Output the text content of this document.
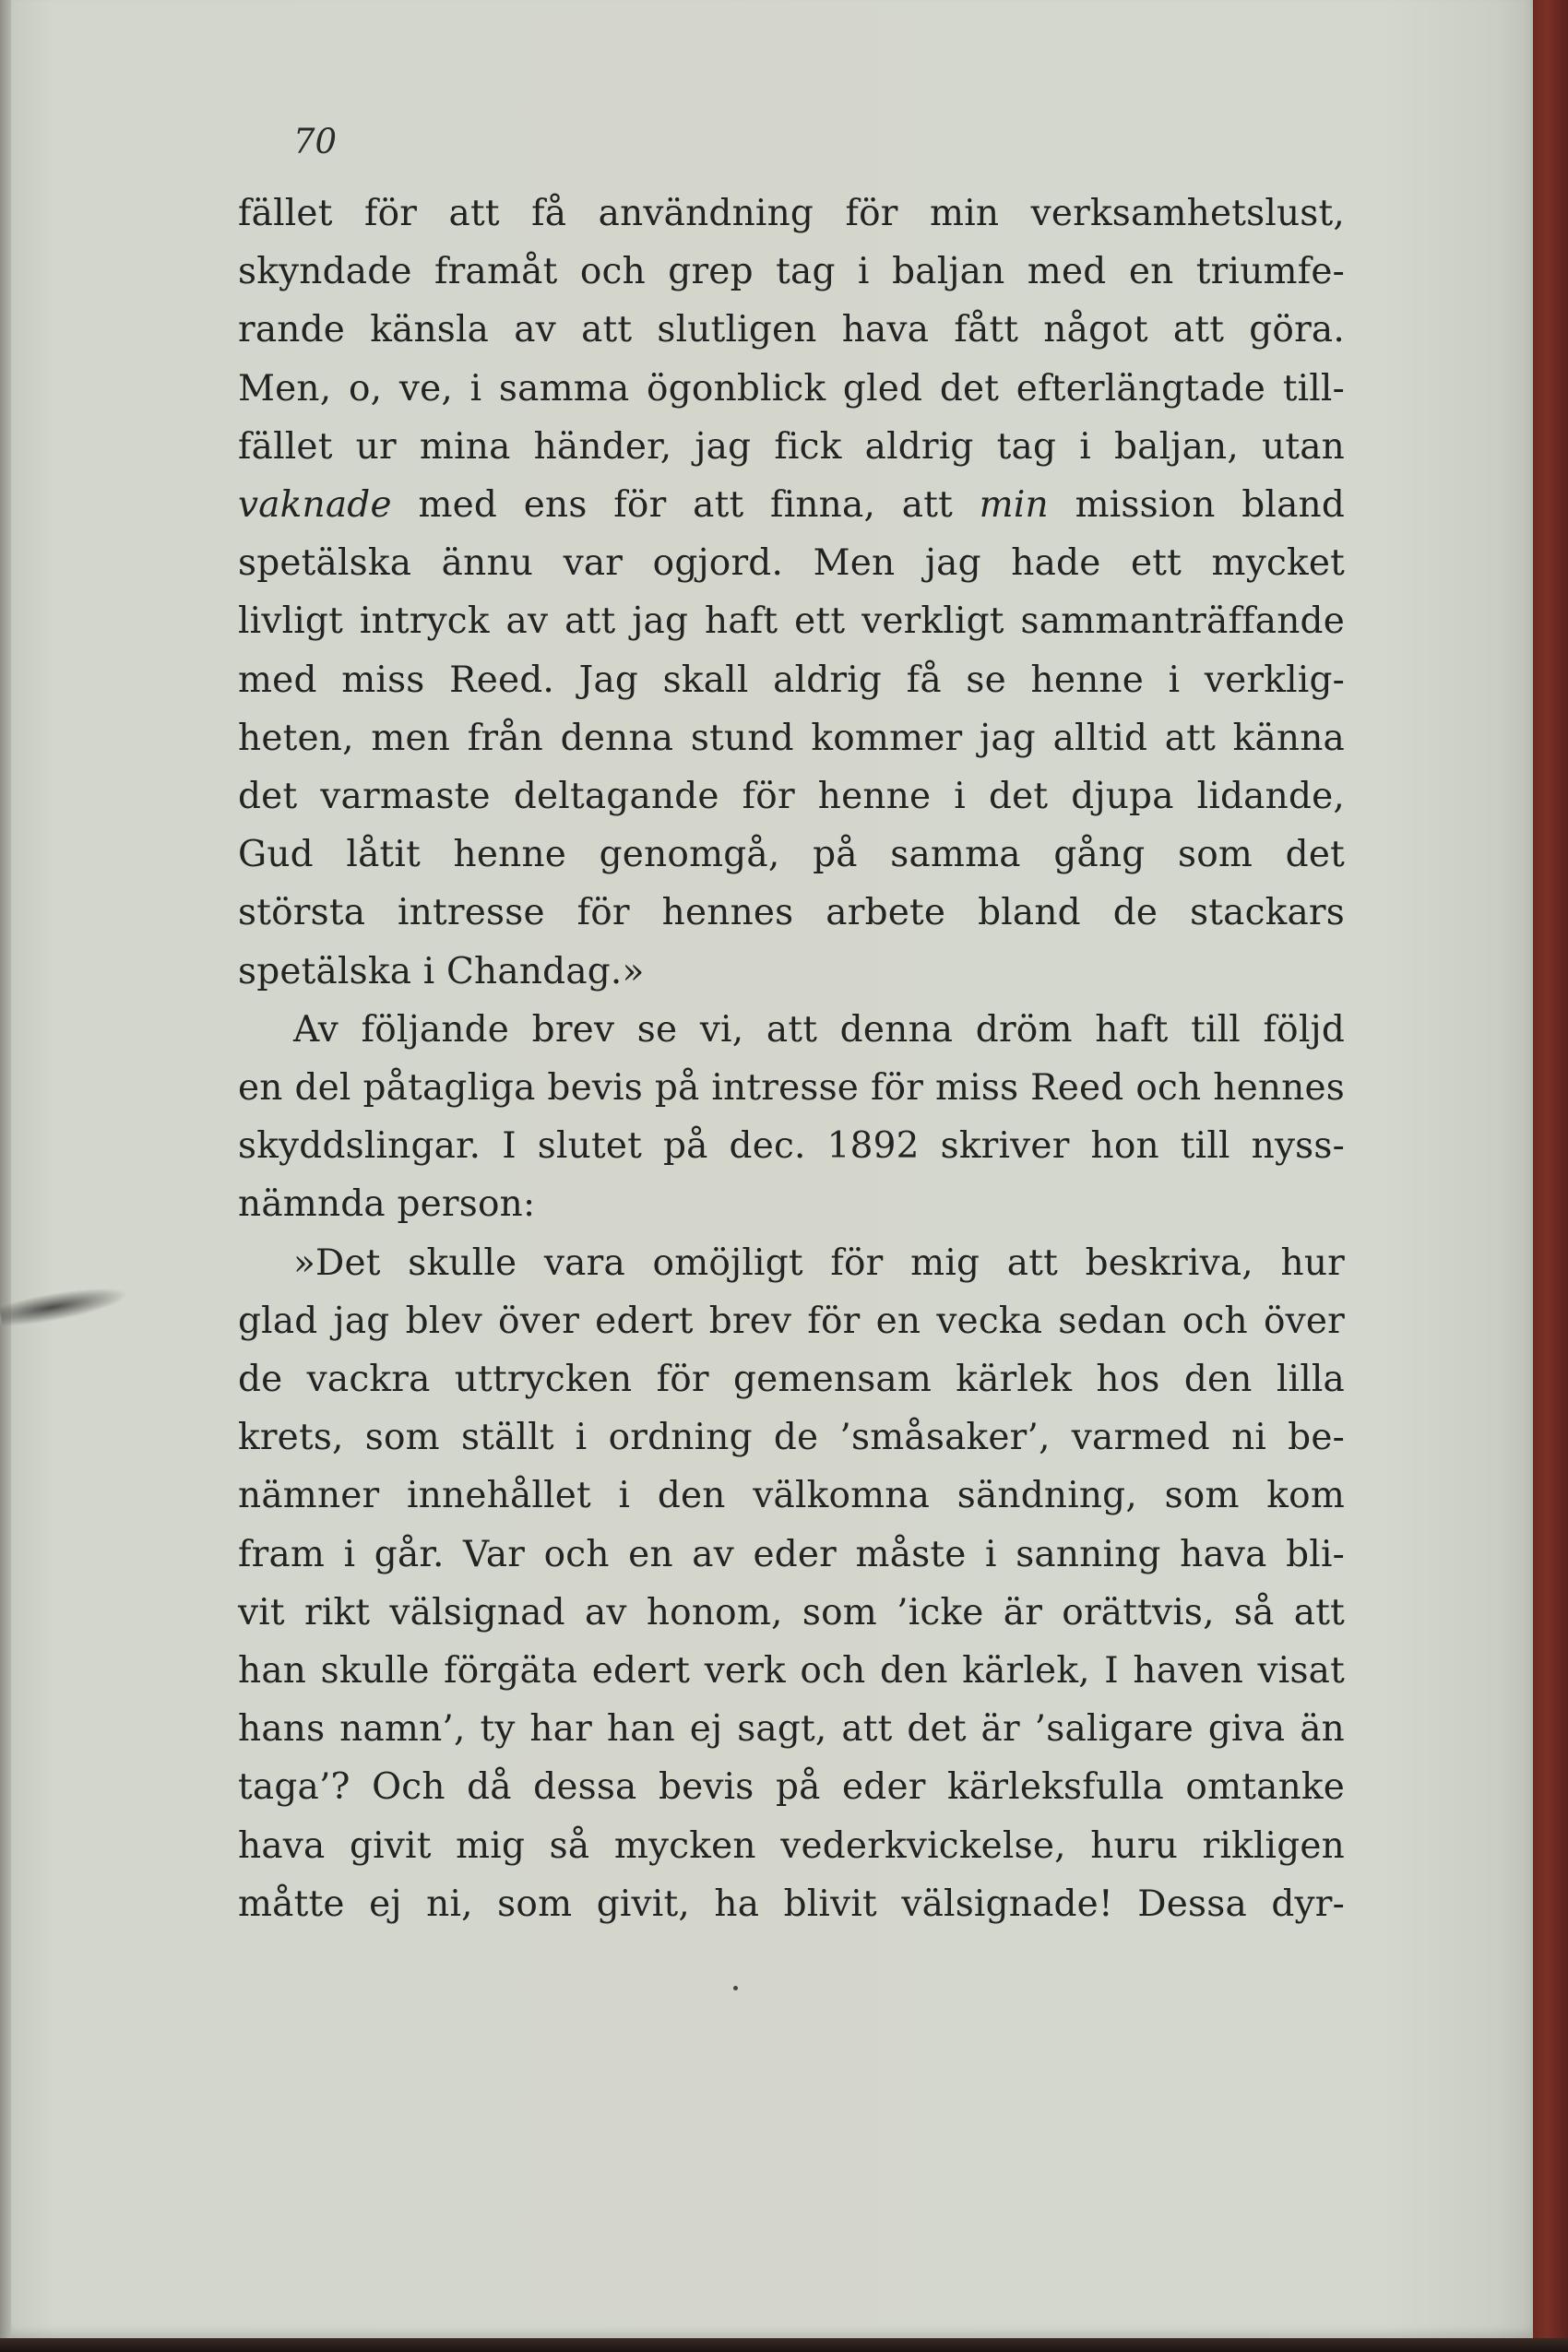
70
fället för att få användning för min verksamhetslust,
skyndade framåt och grep tag i baljan med en triumfe-
rande känsla av att slutligen hava fått något att göra.
Men, o, ve, i samma ögonblick gled det efterlängtade till-
fället ur mina händer, jag fick aldrig tag i baljan, utan
vaknade med ens för att finna, att min mission bland
spetälska ännu var ogjord. Men jag hade ett mycket
livligt intryck av att jag haft ett verkligt sammanträffande
med miss Reed. Jag skall aldrig få se henne i verklig-
heten, men från denna stund kommer jag alltid att känna
det varmaste deltagande för henne i det djupa lidande,
Gud låtit henne genomgå, på samma gång som det
största intresse för hennes arbete bland de stackars
spetälska i Chandag.»
Av följande brev se vi, att denna dröm haft till följd
en del påtagliga bevis på intresse för miss Reed och hennes
skyddslingar. I slutet på dec. 1892 skriver hon till nyss-
nämnda person:
»Det skulle vara omöjligt för mig att beskriva, hur
glad jag blev över edert brev för en vecka sedan och över
de vackra uttrycken för gemensam kärlek hos den lilla
krets, som ställt i ordning de ’småsaker’, varmed ni be-
nämner innehållet i den välkomna sändning, som kom
fram i går. Var och en av eder måste i sanning hava bli-
vit rikt välsignad av honom, som ’icke är orättvis, så att
han skulle förgäta edert verk och den kärlek, I haven visat
hans namn’, ty har han ej sagt, att det är ’saligare giva än
taga’? Och då dessa bevis på eder kärleksfulla omtanke
hava givit mig så mycken vederkvickelse, huru rikligen
måtte ej ni, som givit, ha blivit välsignade! Dessa dyr-
